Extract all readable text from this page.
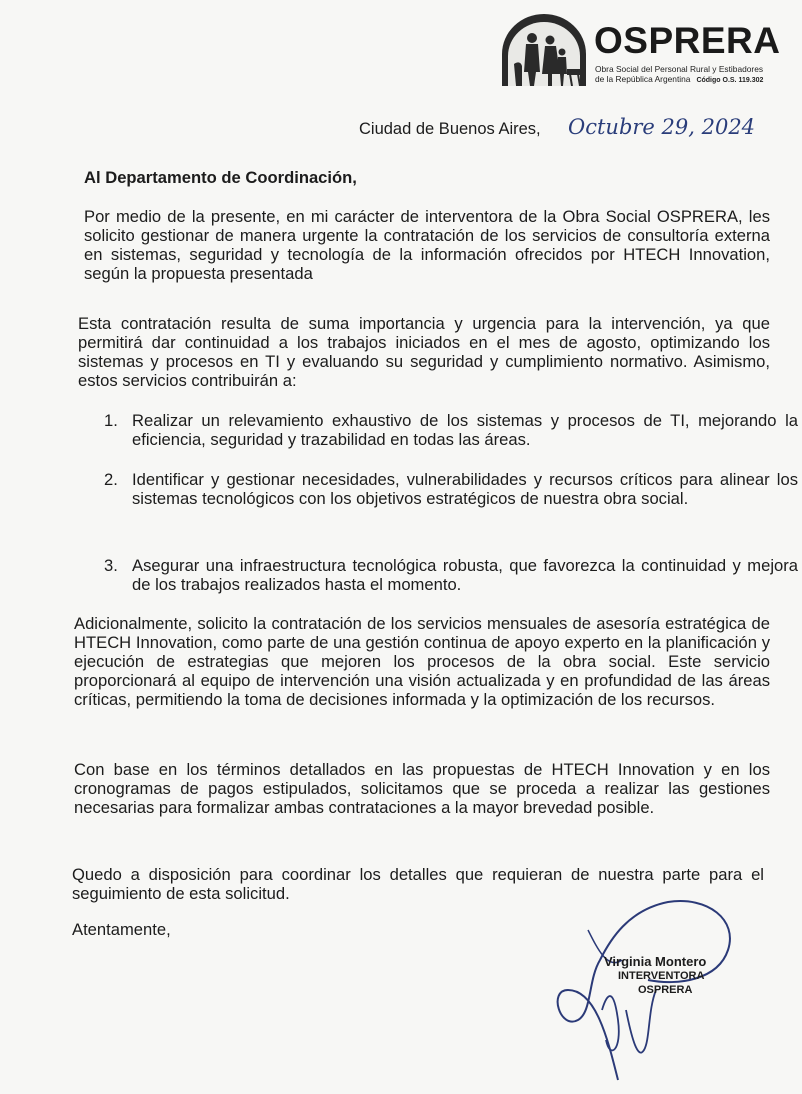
OSPRERA
Obra Social del Personal Rural y Estibadores
de la República Argentina Código O.S. 119.302
Ciudad de Buenos Aires, Octubre 29, 2024
Al Departamento de Coordinación,
Por medio de la presente, en mi carácter de interventora de la Obra Social OSPRERA, les solicito gestionar de manera urgente la contratación de los servicios de consultoría externa en sistemas, seguridad y tecnología de la información ofrecidos por HTECH Innovation, según la propuesta presentada
Esta contratación resulta de suma importancia y urgencia para la intervención, ya que permitirá dar continuidad a los trabajos iniciados en el mes de agosto, optimizando los sistemas y procesos en TI y evaluando su seguridad y cumplimiento normativo. Asimismo, estos servicios contribuirán a:
1. Realizar un relevamiento exhaustivo de los sistemas y procesos de TI, mejorando la eficiencia, seguridad y trazabilidad en todas las áreas.
2. Identificar y gestionar necesidades, vulnerabilidades y recursos críticos para alinear los sistemas tecnológicos con los objetivos estratégicos de nuestra obra social.
3. Asegurar una infraestructura tecnológica robusta, que favorezca la continuidad y mejora de los trabajos realizados hasta el momento.
Adicionalmente, solicito la contratación de los servicios mensuales de asesoría estratégica de HTECH Innovation, como parte de una gestión continua de apoyo experto en la planificación y ejecución de estrategias que mejoren los procesos de la obra social. Este servicio proporcionará al equipo de intervención una visión actualizada y en profundidad de las áreas críticas, permitiendo la toma de decisiones informada y la optimización de los recursos.
Con base en los términos detallados en las propuestas de HTECH Innovation y en los cronogramas de pagos estipulados, solicitamos que se proceda a realizar las gestiones necesarias para formalizar ambas contrataciones a la mayor brevedad posible.
Quedo a disposición para coordinar los detalles que requieran de nuestra parte para el seguimiento de esta solicitud.
Atentamente,
Virginia Montero
INTERVENTORA
OSPRERA
